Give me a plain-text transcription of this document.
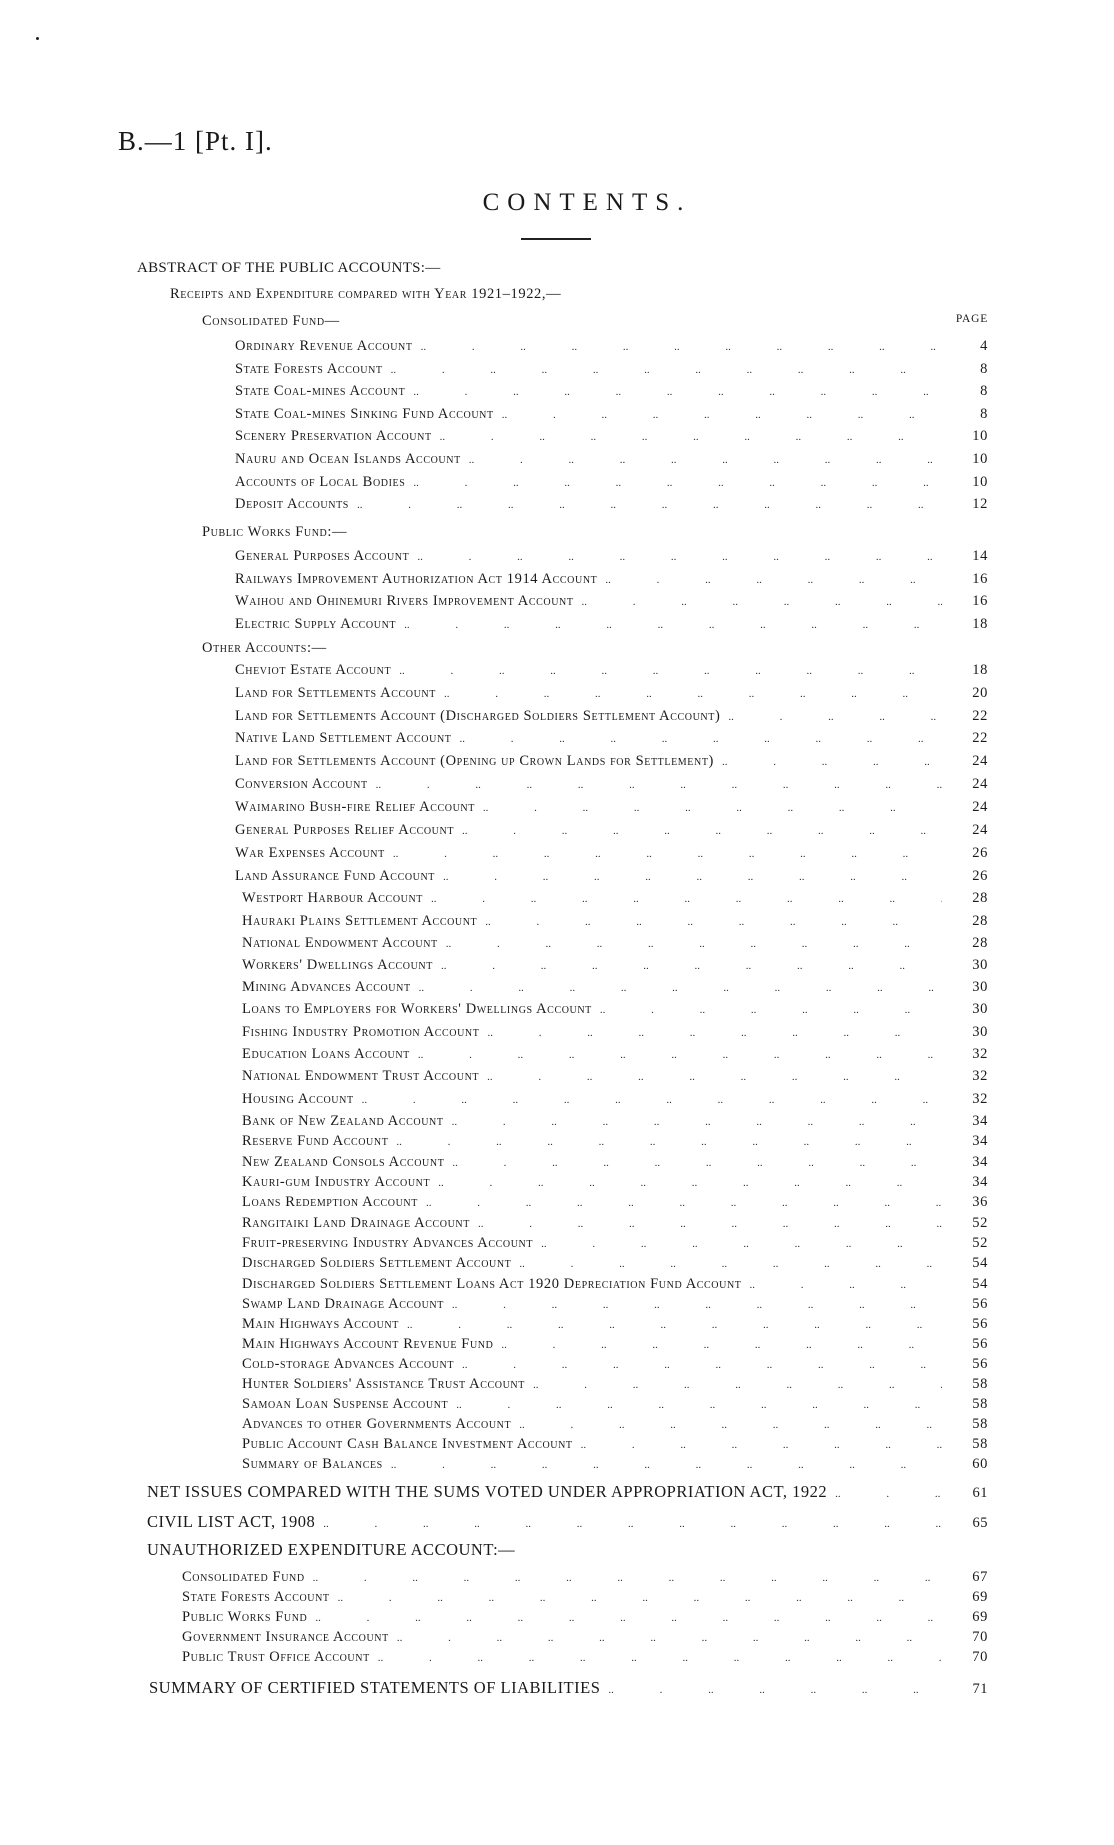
B.—1 [Pt. I].
CONTENTS.
ABSTRACT OF THE PUBLIC ACCOUNTS:—
Receipts and Expenditure compared with Year 1921–1922,—
Consolidated Fund—	PAGE
Ordinary Revenue Account .. .	4
State Forests Account .. .	8
State Coal-mines Account .. .	8
State Coal-mines Sinking Fund Account .. .	8
Scenery Preservation Account .. .	10
Nauru and Ocean Islands Account .. .	10
Accounts of Local Bodies .. .	10
Deposit Accounts .. .	12
Public Works Fund:—
General Purposes Account .. .	14
Railways Improvement Authorization Act 1914 Account .. .	16
Waihou and Ohinemuri Rivers Improvement Account .. .	16
Electric Supply Account .. .	18
Other Accounts:—
Cheviot Estate Account .. .	18
Land for Settlements Account .. .	20
Land for Settlements Account (Discharged Soldiers Settlement Account) .. .	22
Native Land Settlement Account .. .	22
Land for Settlements Account (Opening up Crown Lands for Settlement) .. .	24
Conversion Account .. .	24
Waimarino Bush-fire Relief Account .. .	24
General Purposes Relief Account .. .	24
War Expenses Account .. .	26
Land Assurance Fund Account .. .	26
Westport Harbour Account .. .	28
Hauraki Plains Settlement Account .. .	28
National Endowment Account .. .	28
Workers' Dwellings Account .. .	30
Mining Advances Account .. .	30
Loans to Employers for Workers' Dwellings Account .. .	30
Fishing Industry Promotion Account .. .	30
Education Loans Account .. .	32
National Endowment Trust Account .. .	32
Housing Account .. .	32
Bank of New Zealand Account .. .	34
Reserve Fund Account .. .	34
New Zealand Consols Account .. .	34
Kauri-gum Industry Account .. .	34
Loans Redemption Account .. .	36
Rangitaiki Land Drainage Account .. .	52
Fruit-preserving Industry Advances Account .. .	52
Discharged Soldiers Settlement Account .. .	54
Discharged Soldiers Settlement Loans Act 1920 Depreciation Fund Account .. .	54
Swamp Land Drainage Account .. .	56
Main Highways Account .. .	56
Main Highways Account Revenue Fund .. .	56
Cold-storage Advances Account .. .	56
Hunter Soldiers' Assistance Trust Account .. .	58
Samoan Loan Suspense Account .. .	58
Advances to other Governments Account .. .	58
Public Account Cash Balance Investment Account .. .	58
Summary of Balances .. .	60
NET ISSUES COMPARED WITH THE SUMS VOTED UNDER APPROPRIATION ACT, 1922 .. .	61
CIVIL LIST ACT, 1908 .. .	65
UNAUTHORIZED EXPENDITURE ACCOUNT:—
Consolidated Fund .. .	67
State Forests Account .. .	69
Public Works Fund .. .	69
Government Insurance Account .. .	70
Public Trust Office Account .. .	70
SUMMARY OF CERTIFIED STATEMENTS OF LIABILITIES .. .	71
